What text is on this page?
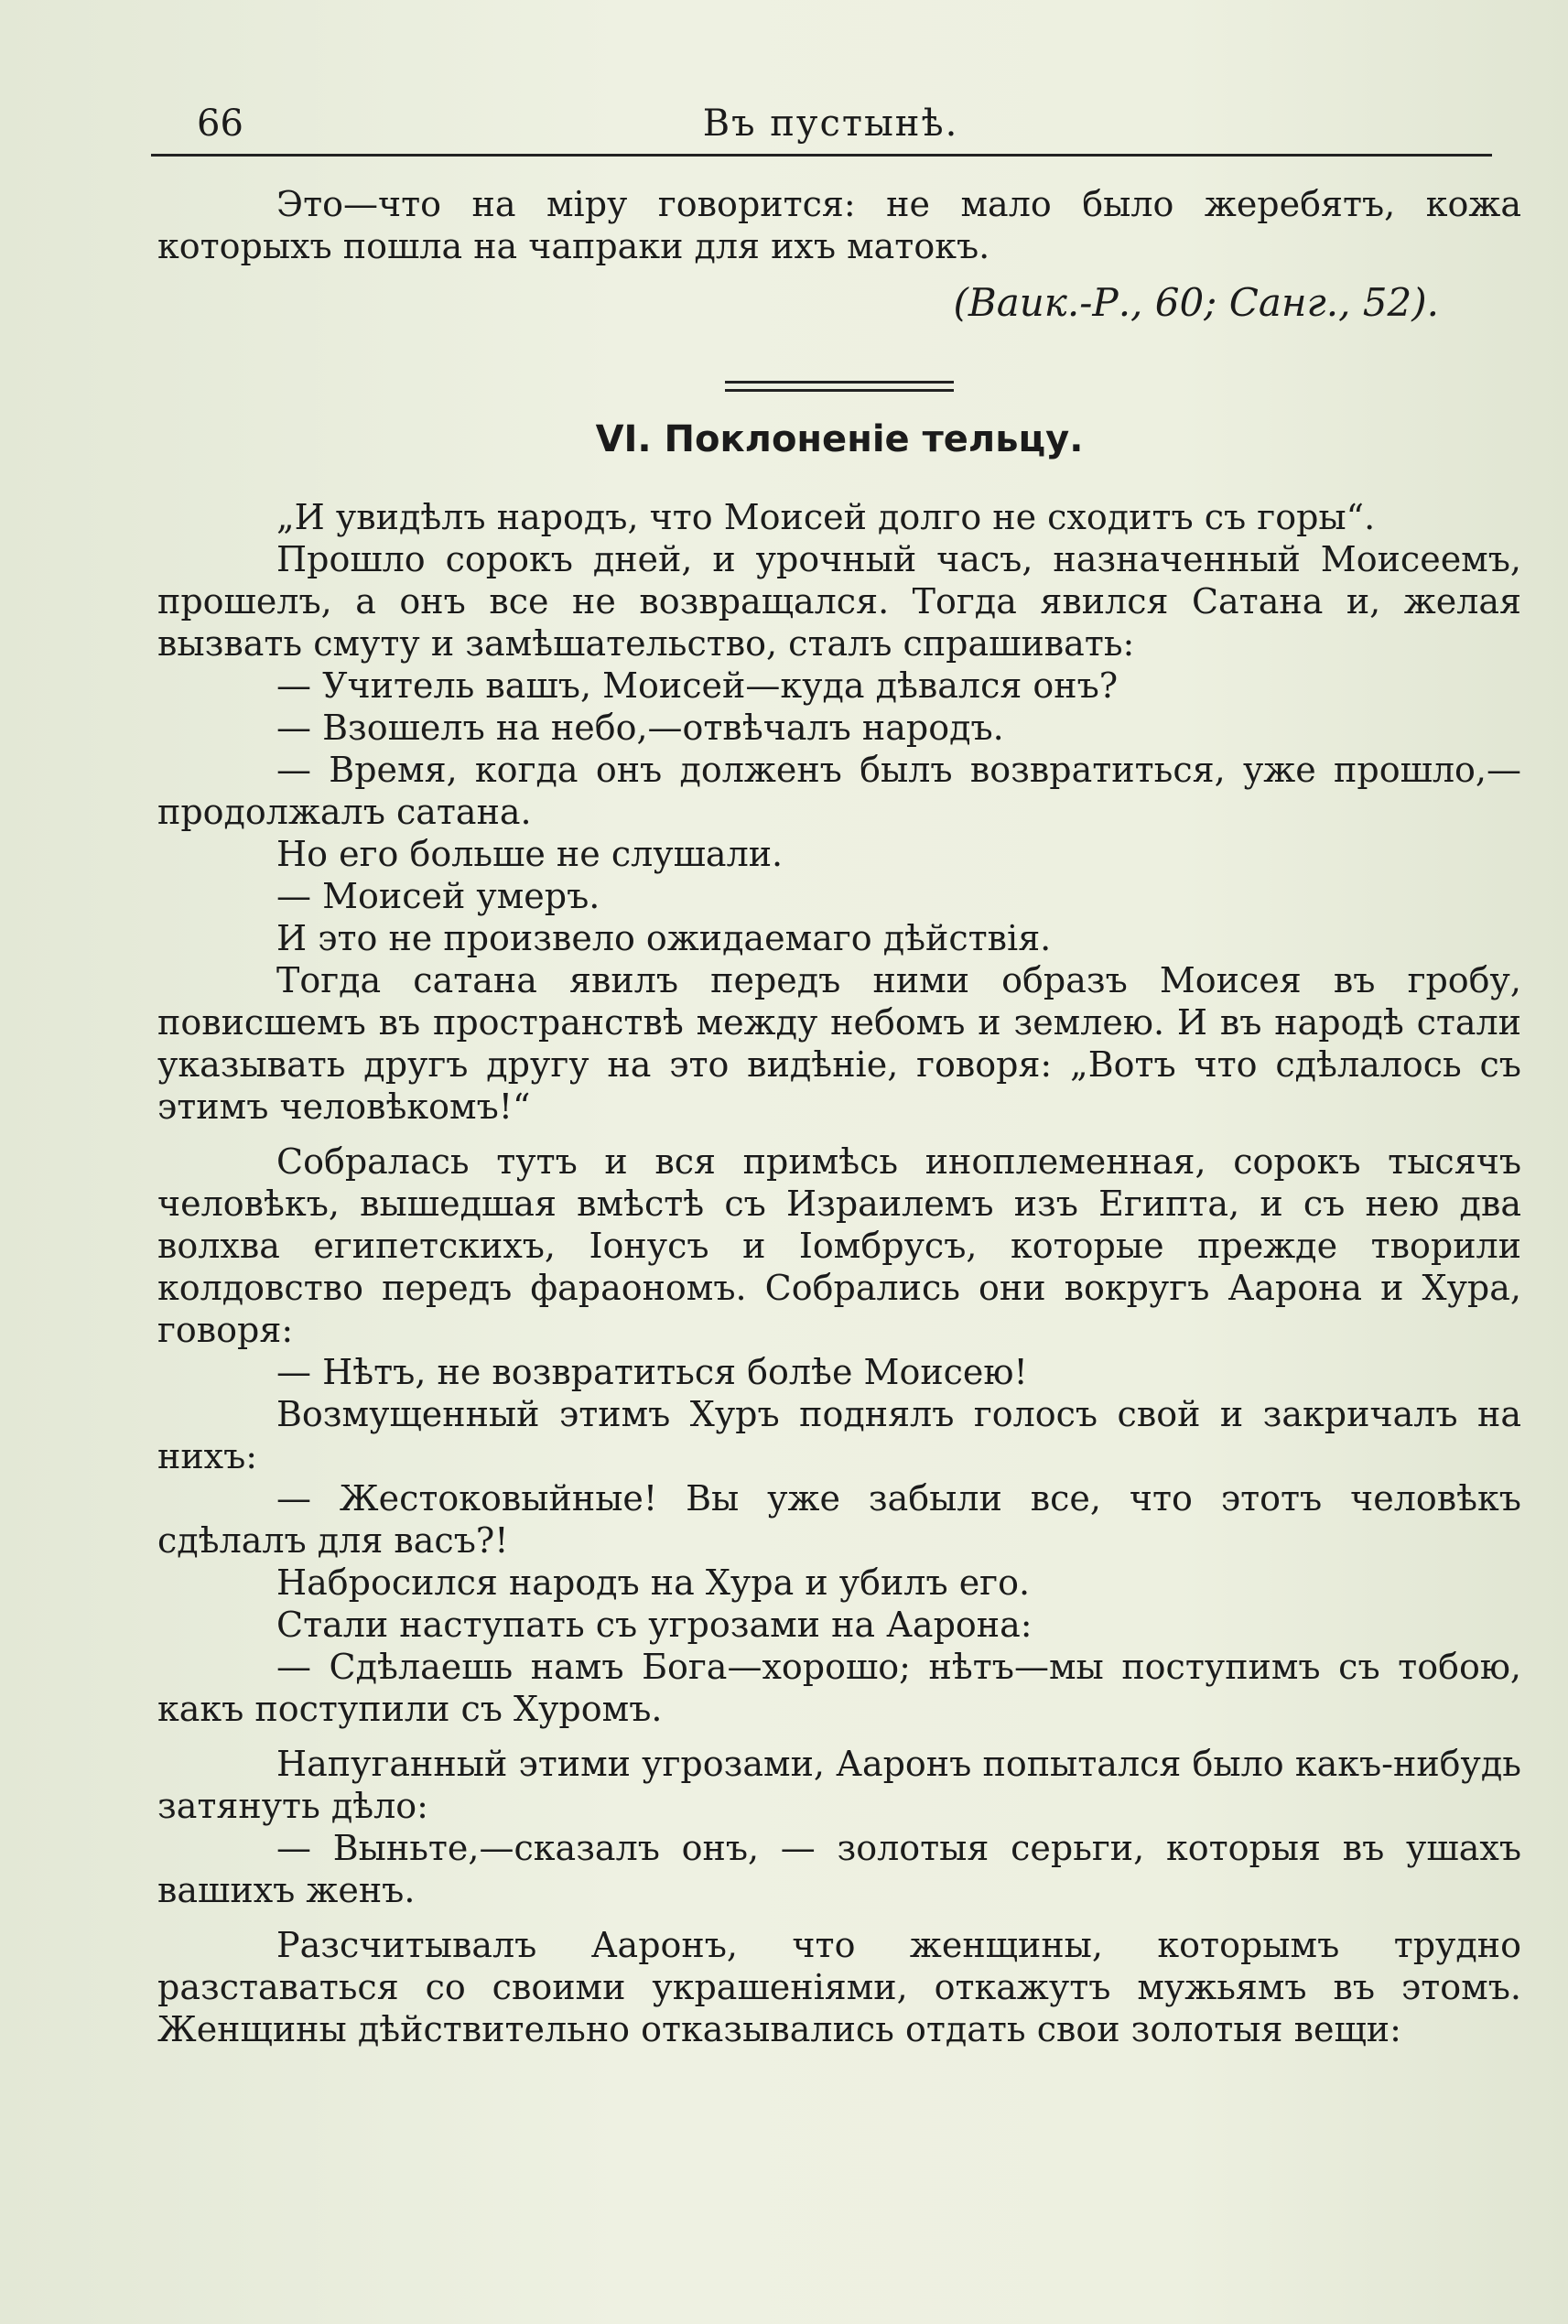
66	Въ пустынѣ.

Это—что на міру говорится: не мало было жеребятъ, кожа которыхъ пошла на чапраки для ихъ матокъ.

(Ваик.-Р., 60; Санг., 52).

VI. Поклоненіе тельцу.

„И увидѣлъ народъ, что Моисей долго не сходитъ съ горы“.

Прошло сорокъ дней, и урочный часъ, назначенный Моисеемъ, прошелъ, а онъ все не возвращался. Тогда явился Сатана и, желая вызвать смуту и замѣшательство, сталъ спрашивать:

— Учитель вашъ, Моисей—куда дѣвался онъ?

— Взошелъ на небо,—отвѣчалъ народъ.

— Время, когда онъ долженъ былъ возвратиться, уже прошло,—продолжалъ сатана.

Но его больше не слушали.

— Моисей умеръ.

И это не произвело ожидаемаго дѣйствія.

Тогда сатана явилъ передъ ними образъ Моисея въ гробу, повисшемъ въ пространствѣ между небомъ и землею. И въ народѣ стали указывать другъ другу на это видѣніе, говоря: „Вотъ что сдѣлалось съ этимъ человѣкомъ!“

Собралась тутъ и вся примѣсь иноплеменная, сорокъ тысячъ человѣкъ, вышедшая вмѣстѣ съ Израилемъ изъ Египта, и съ нею два волхва египетскихъ, Іонусъ и Іомбрусъ, которые прежде творили колдовство передъ фараономъ. Собрались они вокругъ Аарона и Хура, говоря:

— Нѣтъ, не возвратиться болѣе Моисею!

Возмущенный этимъ Хуръ поднялъ голосъ свой и закричалъ на нихъ:

— Жестоковыйные! Вы уже забыли все, что этотъ человѣкъ сдѣлалъ для васъ?!

Набросился народъ на Хура и убилъ его.

Стали наступать съ угрозами на Аарона:

— Сдѣлаешь намъ Бога—хорошо; нѣтъ—мы поступимъ съ тобою, какъ поступили съ Хуромъ.

Напуганный этими угрозами, Ааронъ попытался было какъ-нибудь затянуть дѣло:

— Выньте,—сказалъ онъ, — золотыя серьги, которыя въ ушахъ вашихъ женъ.

Разсчитывалъ Ааронъ, что женщины, которымъ трудно разставаться со своими украшеніями, откажутъ мужьямъ въ этомъ. Женщины дѣйствительно отказывались отдать свои золотыя вещи:
